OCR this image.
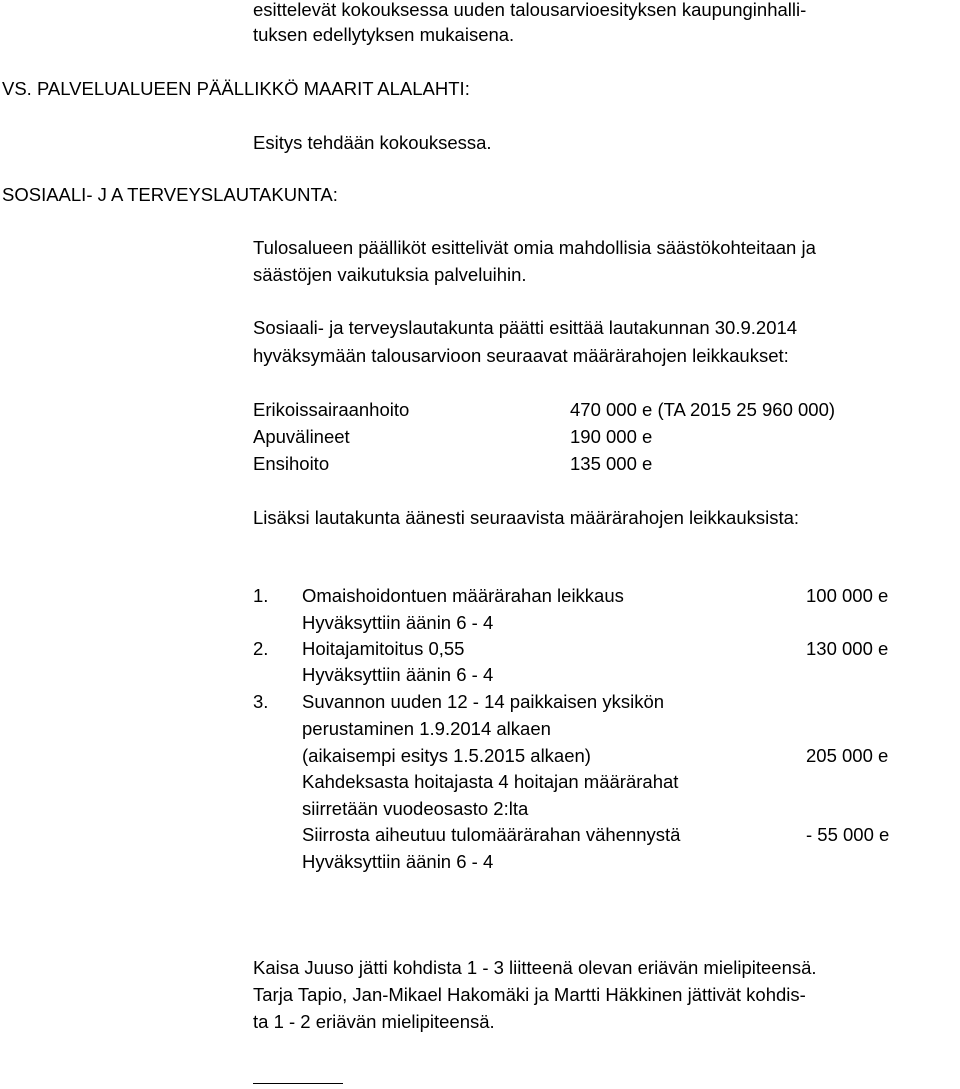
esittelevät kokouksessa uuden talousarvioesityksen kaupunginhalli-
tuksen edellytyksen mukaisena.
VS. PALVELUALUEEN PÄÄLLIKKÖ MAARIT ALALAHTI:
Esitys tehdään kokouksessa.
SOSIAALI- J A TERVEYSLAUTAKUNTA:
Tulosalueen päälliköt esittelivät omia mahdollisia säästökohteitaan ja
säästöjen vaikutuksia palveluihin.
Sosiaali- ja terveyslautakunta päätti esittää lautakunnan 30.9.2014
hyväksymään talousarvioon seuraavat määrärahojen leikkaukset:
Erikoissairaanhoito	470 000 e (TA 2015 25 960 000)
Apuvälineet	190 000 e
Ensihoito	135 000 e
Lisäksi lautakunta äänesti seuraavista määrärahojen leikkauksista:
1. Omaishoidontuen määrärahan leikkaus	100 000 e
Hyväksyttiin äänin 6 - 4
2. Hoitajamitoitus 0,55	130 000 e
Hyväksyttiin äänin 6 - 4
3. Suvannon uuden 12 - 14 paikkaisen yksikön
perustaminen 1.9.2014 alkaen
(aikaisempi esitys 1.5.2015 alkaen)	205 000 e
Kahdeksasta hoitajasta 4 hoitajan määrärahat
siirretään vuodeosasto 2:lta
Siirrosta aiheutuu tulomäärärahan vähennystä	- 55 000 e
Hyväksyttiin äänin 6 - 4
Kaisa Juuso jätti kohdista 1 - 3 liitteenä olevan eriävän mielipiteensä.
Tarja Tapio, Jan-Mikael Hakomäki ja Martti Häkkinen jättivät kohdis-
ta 1 - 2 eriävän mielipiteensä.
